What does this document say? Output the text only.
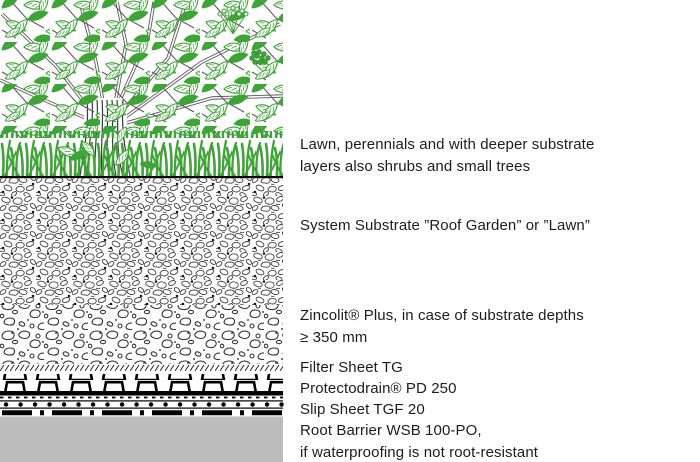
Lawn, perennials and with deeper substrate
layers also shrubs and small trees
System Substrate ”Roof Garden” or ”Lawn”
Zincolit® Plus, in case of substrate depths
≥ 350 mm
Filter Sheet TG
Protectodrain® PD 250
Slip Sheet TGF 20
Root Barrier WSB 100-PO,
if waterproofing is not root-resistant
